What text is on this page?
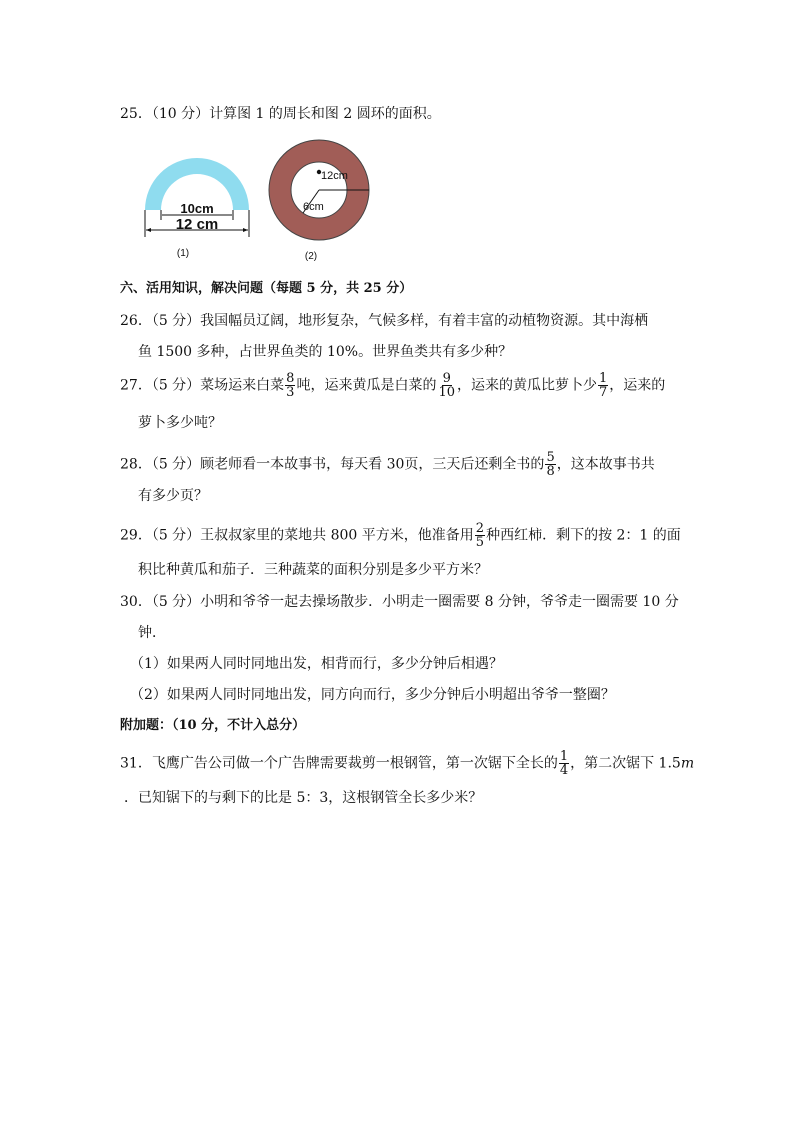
25．（10 分）计算图 1 的周长和图 2 圆环的面积。
10cm
12 cm
(1)
12cm
6cm
(2)
六、活用知识，解决问题（每题 5 分，共 25 分）
26．（5 分）我国幅员辽阔，地形复杂，气候多样，有着丰富的动植物资源。其中海栖
鱼 1500 多种，占世界鱼类的 10%。世界鱼类共有多少种？
27．（5 分）菜场运来白菜 $\frac{8}{3}$ 吨，运来黄瓜是白菜的 $\frac{9}{10}$ ，运来的黄瓜比萝卜少 $\frac{1}{7}$ ，运来的
萝卜多少吨？
28．（5 分）顾老师看一本故事书，每天看 30页，三天后还剩全书的 $\frac{5}{8}$ ，这本故事书共
有多少页？
29．（5 分）王叔叔家里的菜地共 800 平方米，他准备用 $\frac{2}{5}$ 种西红柿．剩下的按 2：1 的面
积比种黄瓜和茄子．三种蔬菜的面积分别是多少平方米？
30．（5 分）小明和爷爷一起去操场散步．小明走一圈需要 8 分钟，爷爷走一圈需要 10 分
钟．
（1）如果两人同时同地出发，相背而行，多少分钟后相遇？
（2）如果两人同时同地出发，同方向而行，多少分钟后小明超出爷爷一整圈？
附加题：（10 分，不计入总分）
31．飞鹰广告公司做一个广告牌需要裁剪一根钢管，第一次锯下全长的 $\frac{1}{4}$ ，第二次锯下 1.5m
．已知锯下的与剩下的比是 5：3，这根钢管全长多少米？
